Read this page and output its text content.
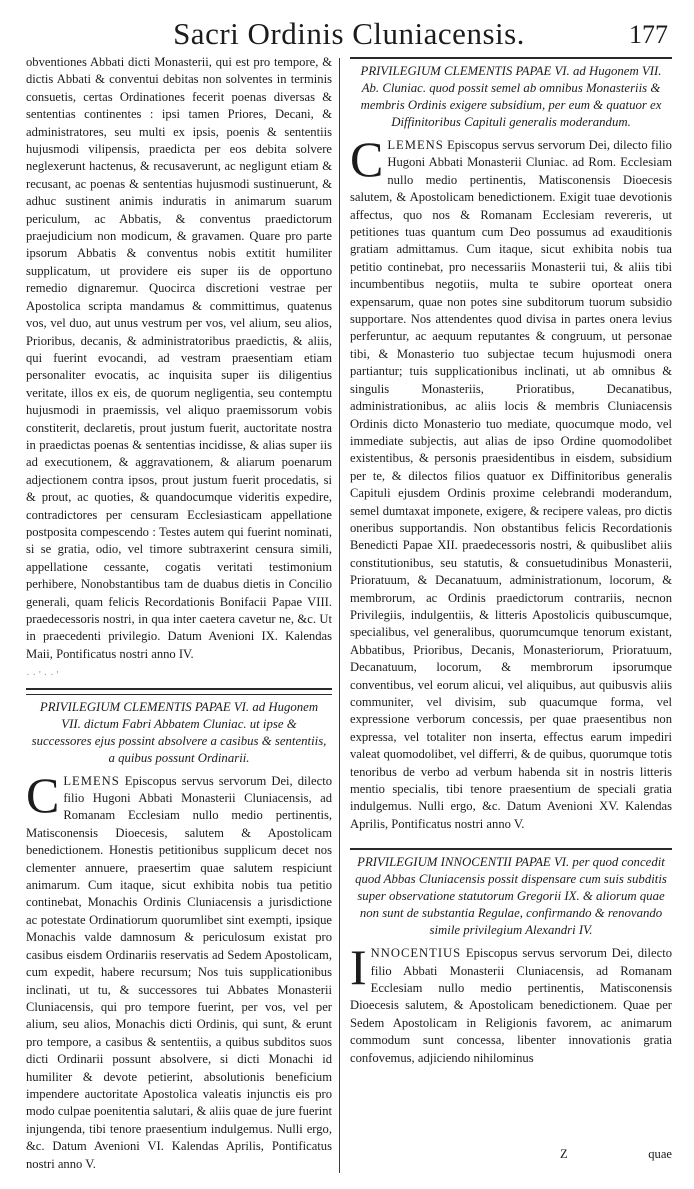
Sacri Ordinis Cluniacensis.	177

obventiones Abbati dicti Monasterii, qui est pro tempore, & dictis Abbati & conventui debitas non solventes in terminis consuetis, certas Ordinationes fecerit poenas diversas & sententias continentes : ipsi tamen Priores, Decani, & administratores, seu multi ex ipsis, poenis & sententiis hujusmodi vilipensis, praedicta per eos debita solvere neglexerunt hactenus, & recusaverunt, ac negligunt etiam & recusant, ac poenas & sententias hujusmodi sustinuerunt, & adhuc sustinent animis induratis in animarum suarum periculum, ac Abbatis, & conventus praedictorum praejudicium non modicum, & gravamen. Quare pro parte ipsorum Abbatis & conventus nobis extitit humiliter supplicatum, ut providere eis super iis de opportuno remedio dignaremur. Quocirca discretioni vestrae per Apostolica scripta mandamus & committimus, quatenus vos, vel duo, aut unus vestrum per vos, vel alium, seu alios, Prioribus, decanis, & administratoribus praedictis, & aliis, qui fuerint evocandi, ad vestram praesentiam etiam personaliter evocatis, ac inquisita super iis diligentius veritate, illos ex eis, de quorum negligentia, seu contemptu hujusmodi in praemissis, vel aliquo praemissorum vobis constiterit, declaretis, prout justum fuerit, auctoritate nostra in praedictas poenas & sententias incidisse, & alias super iis ad executionem, & aggravationem, & aliarum poenarum adjectionem contra ipsos, prout justum fuerit procedatis, si & prout, ac quoties, & quandocumque videritis expedire, contradictores per censuram Ecclesiasticam appellatione postposita compescendo : Testes autem qui fuerint nominati, si se gratia, odio, vel timore subtraxerint censura simili, appellatione cessante, cogatis veritati testimonium perhibere, Nonobstantibus tam de duabus dietis in Concilio generali, quam felicis Recordationis Bonifacii Papae VIII. praedecessoris nostri, in qua inter caetera cavetur ne, &c. Ut in praecedenti privilegio. Datum Avenioni IX. Kalendas Maii, Pontificatus nostri anno IV.

· · ' · · '

PRIVILEGIUM CLEMENTIS PAPAE VI. ad Hugonem VII. dictum Fabri Abbatem Cluniac. ut ipse & successores ejus possint absolvere a casibus & sententiis, a quibus possunt Ordinarii.

CLEMENS Episcopus servus servorum Dei, dilecto filio Hugoni Abbati Monasterii Cluniacensis, ad Romanam Ecclesiam nullo medio pertinentis, Matisconensis Dioecesis, salutem & Apostolicam benedictionem. Honestis petitionibus supplicum decet nos clementer annuere, praesertim quae salutem respiciunt animarum. Cum itaque, sicut exhibita nobis tua petitio continebat, Monachis Ordinis Cluniacensis a jurisdictione ac potestate Ordinatiorum quorumlibet sint exempti, ipsique Monachis valde damnosum & periculosum existat pro casibus eisdem Ordinariis reservatis ad Sedem Apostolicam, cum expedit, habere recursum; Nos tuis supplicationibus inclinati, ut tu, & successores tui Abbates Monasterii Cluniacensis, qui pro tempore fuerint, per vos, vel per alium, seu alios, Monachis dicti Ordinis, qui sunt, & erunt pro tempore, a casibus & sententiis, a quibus subditos suos dicti Ordinarii possunt absolvere, si dicti Monachi id humiliter & devote petierint, absolutionis beneficium impendere auctoritate Apostolica valeatis injunctis eis pro modo culpae poenitentia salutari, & aliis quae de jure fuerint injungenda, tibi tenore praesentium indulgemus. Nulli ergo, &c. Datum Avenioni VI. Kalendas Aprilis, Pontificatus nostri anno V.

PRIVILEGIUM CLEMENTIS PAPAE VI. ad Hugonem VII. Ab. Cluniac. quod possit semel ab omnibus Monasteriis & membris Ordinis exigere subsidium, per eum & quatuor ex Diffinitoribus Capituli generalis moderandum.

CLEMENS Episcopus servus servorum Dei, dilecto filio Hugoni Abbati Monasterii Cluniac. ad Rom. Ecclesiam nullo medio pertinentis, Matisconensis Dioecesis salutem, & Apostolicam benedictionem. Exigit tuae devotionis affectus, quo nos & Romanam Ecclesiam revereris, ut petitiones tuas quantum cum Deo possumus ad exauditionis gratiam admittamus. Cum itaque, sicut exhibita nobis tua petitio continebat, pro necessariis Monasterii tui, & aliis tibi incumbentibus negotiis, multa te subire oporteat onera expensarum, quae non potes sine subditorum tuorum subsidio supportare. Nos attendentes quod divisa in partes onera levius perferuntur, ac aequum reputantes & congruum, ut personae tibi, & Monasterio tuo subjectae tecum hujusmodi onera partiantur; tuis supplicationibus inclinati, ut ab omnibus & singulis Monasteriis, Prioratibus, Decanatibus, administrationibus, ac aliis locis & membris Cluniacensis Ordinis dicto Monasterio tuo mediate, quocumque modo, vel immediate subjectis, aut alias de ipso Ordine quomodolibet existentibus, & personis praesidentibus in eisdem, subsidium per te, & dilectos filios quatuor ex Diffinitoribus generalis Capituli ejusdem Ordinis proxime celebrandi moderandum, semel dumtaxat imponete, exigere, & recipere valeas, pro dictis oneribus supportandis. Non obstantibus felicis Recordationis Benedicti Papae XII. praedecessoris nostri, & quibuslibet aliis constitutionibus, seu statutis, & consuetudinibus Monasterii, Prioratuum, & Decanatuum, administrationum, locorum, & membrorum, ac Ordinis praedictorum contrariis, necnon Privilegiis, indulgentiis, & litteris Apostolicis quibuscumque, specialibus, vel generalibus, quorumcumque tenorum existant, Abbatibus, Prioribus, Decanis, Monasteriorum, Prioratuum, Decanatuum, locorum, & membrorum ipsorumque conventibus, vel eorum alicui, vel aliquibus, aut quibusvis aliis communiter, vel divisim, sub quacumque forma, vel expressione verborum concessis, per quae praesentibus non expressa, vel totaliter non inserta, effectus earum impediri valeat quomodolibet, vel differri, & de quibus, quorumque totis tenoribus de verbo ad verbum habenda sit in nostris litteris mentio specialis, tibi tenore praesentium de speciali gratia indulgemus. Nulli ergo, &c. Datum Avenioni XV. Kalendas Aprilis, Pontificatus nostri anno V.

PRIVILEGIUM INNOCENTII PAPAE VI. per quod concedit quod Abbas Cluniacensis possit dispensare cum suis subditis super observatione statutorum Gregorii IX. & aliorum quae non sunt de substantia Regulae, confirmando & renovando simile privilegium Alexandri IV.

INNOCENTIUS Episcopus servus servorum Dei, dilecto filio Abbati Monasterii Cluniacensis, ad Romanam Ecclesiam nullo medio pertinentis, Matisconensis Dioecesis salutem, & Apostolicam benedictionem. Quae per Sedem Apostolicam in Religionis favorem, ac animarum commodum sunt concessa, libenter innovationis gratia confovemus, adjiciendo nihilominus

Z	quae
